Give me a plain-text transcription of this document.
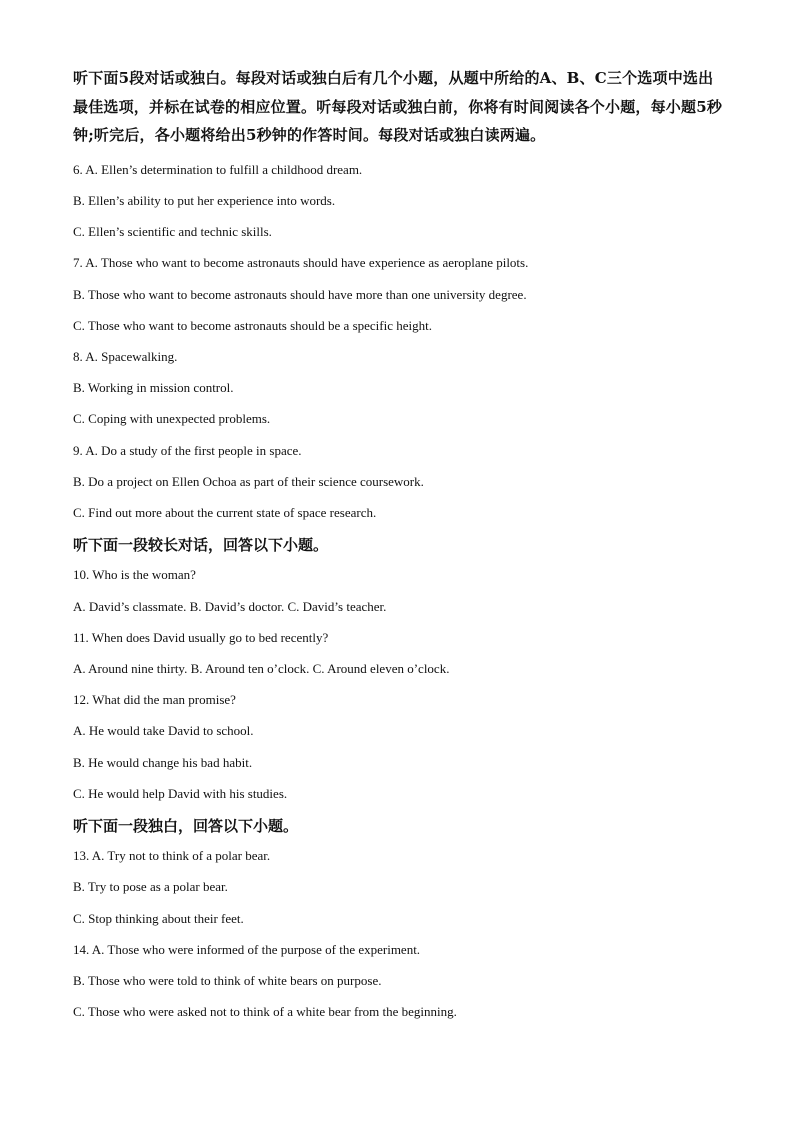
听下面5段对话或独白。每段对话或独白后有几个小题，从题中所给的A、B、C三个选项中选出最佳选项，并标在试卷的相应位置。听每段对话或独白前，你将有时间阅读各个小题，每小题5秒钟;听完后，各小题将给出5秒钟的作答时间。每段对话或独白读两遍。

6. A. Ellen’s determination to fulfill a childhood dream.

B. Ellen’s ability to put her experience into words.

C. Ellen’s scientific and technic skills.

7. A. Those who want to become astronauts should have experience as aeroplane pilots.

B. Those who want to become astronauts should have more than one university degree.

C. Those who want to become astronauts should be a specific height.

8. A. Spacewalking.

B. Working in mission control.

C. Coping with unexpected problems.

9. A. Do a study of the first people in space.

B. Do a project on Ellen Ochoa as part of their science coursework.

C. Find out more about the current state of space research.

听下面一段较长对话，回答以下小题。

10. Who is the woman?

A. David’s classmate. B. David’s doctor. C. David’s teacher.

11. When does David usually go to bed recently?

A. Around nine thirty. B. Around ten o’clock. C. Around eleven o’clock.

12. What did the man promise?

A. He would take David to school.

B. He would change his bad habit.

C. He would help David with his studies.

听下面一段独白，回答以下小题。

13. A. Try not to think of a polar bear.

B. Try to pose as a polar bear.

C. Stop thinking about their feet.

14. A. Those who were informed of the purpose of the experiment.

B. Those who were told to think of white bears on purpose.

C. Those who were asked not to think of a white bear from the beginning.
